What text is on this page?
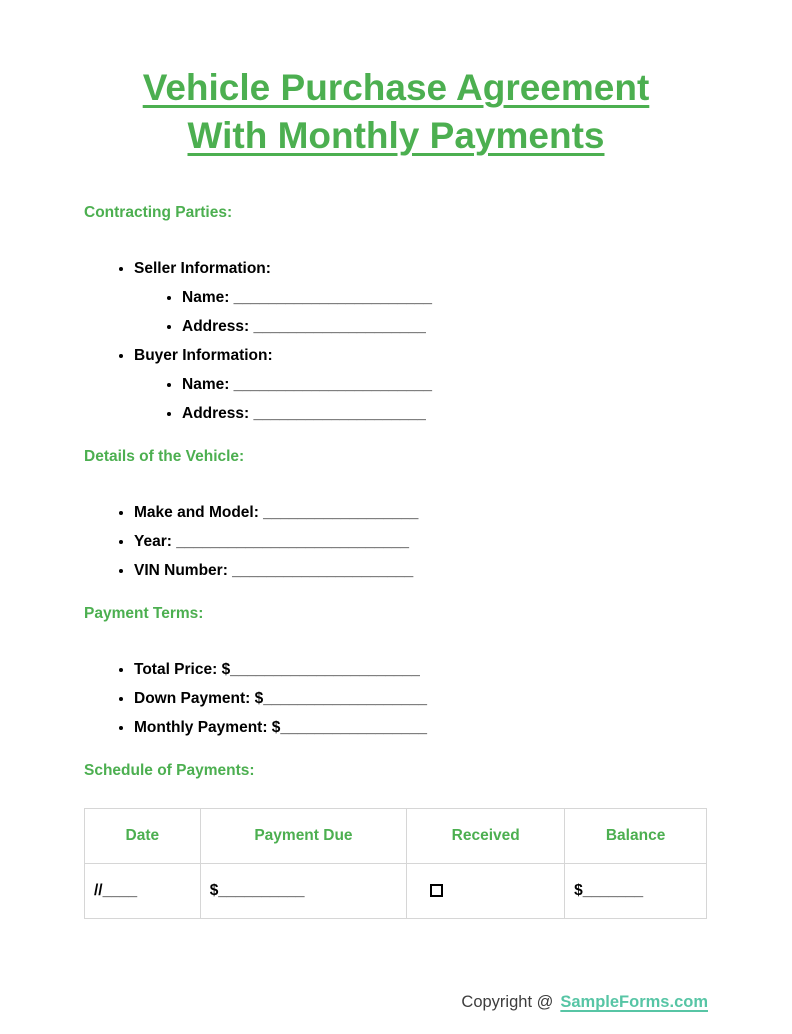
Vehicle Purchase Agreement
With Monthly Payments
Contracting Parties:
• Seller Information:
• Name: _______________________
• Address: ____________________
• Buyer Information:
• Name: _______________________
• Address: ____________________
Details of the Vehicle:
• Make and Model: __________________
• Year: ___________________________
• VIN Number: _____________________
Payment Terms:
• Total Price: $______________________
• Down Payment: $___________________
• Monthly Payment: $_________________
Schedule of Payments:
Date	Payment Due	Received	Balance
//____	$__________		$_______
Copyright @ SampleForms.com
